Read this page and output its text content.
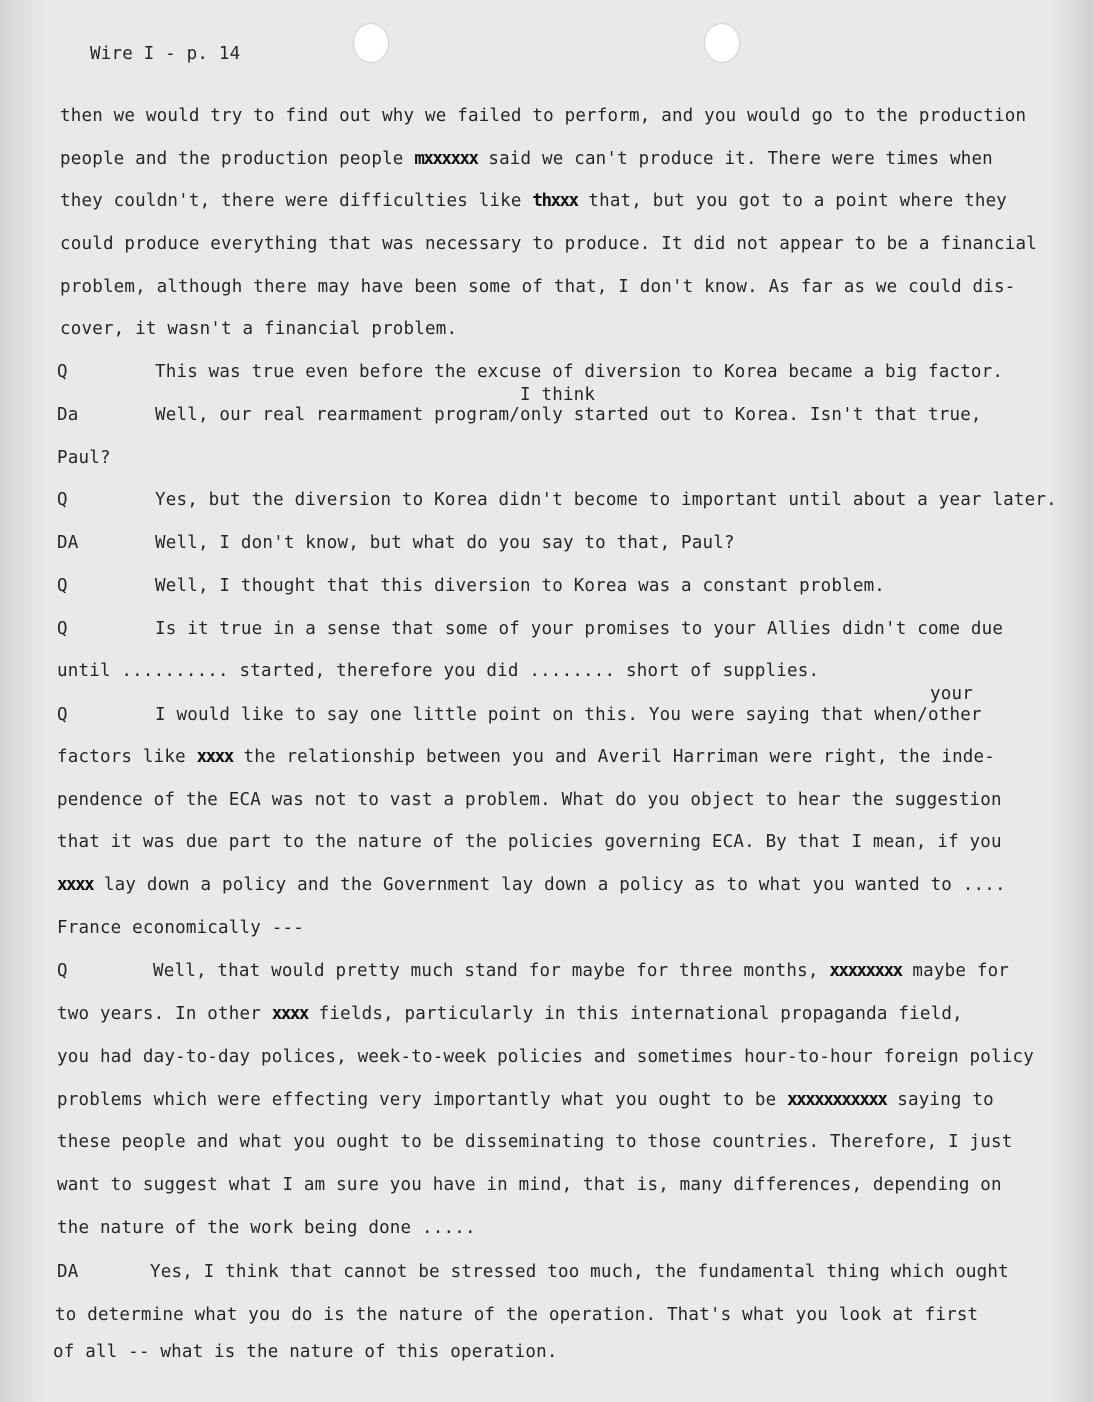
Wire I - p. 14
then we would try to find out why we failed to perform, and you would go to the production
people and the production people mxxxxxx said we can't produce it. There were times when
they couldn't, there were difficulties like thxxx that, but you got to a point where they
could produce everything that was necessary to produce. It did not appear to be a financial
problem, although there may have been some of that, I don't know. As far as we could dis-
cover, it wasn't a financial problem.
Q	This was true even before the excuse of diversion to Korea became a big factor.
I think
Da	Well, our real rearmament program/only started out to Korea. Isn't that true,
Paul?
Q	Yes, but the diversion to Korea didn't become to important until about a year later.
DA	Well, I don't know, but what do you say to that, Paul?
Q	Well, I thought that this diversion to Korea was a constant problem.
Q	Is it true in a sense that some of your promises to your Allies didn't come due
until .......... started, therefore you did ........ short of supplies.
your
Q	I would like to say one little point on this. You were saying that when/other
factors like xxxx the relationship between you and Averil Harriman were right, the inde-
pendence of the ECA was not to vast a problem. What do you object to hear the suggestion
that it was due part to the nature of the policies governing ECA. By that I mean, if you
xxxx lay down a policy and the Government lay down a policy as to what you wanted to ....
France economically ---
Q	Well, that would pretty much stand for maybe for three months, xxxxxxxx maybe for
two years. In other xxxx fields, particularly in this international propaganda field,
you had day-to-day polices, week-to-week policies and sometimes hour-to-hour foreign policy
problems which were effecting very importantly what you ought to be xxxxxxxxxxx saying to
these people and what you ought to be disseminating to those countries. Therefore, I just
want to suggest what I am sure you have in mind, that is, many differences, depending on
the nature of the work being done .....
DA	Yes, I think that cannot be stressed too much, the fundamental thing which ought
to determine what you do is the nature of the operation. That's what you look at first
of all -- what is the nature of this operation.
